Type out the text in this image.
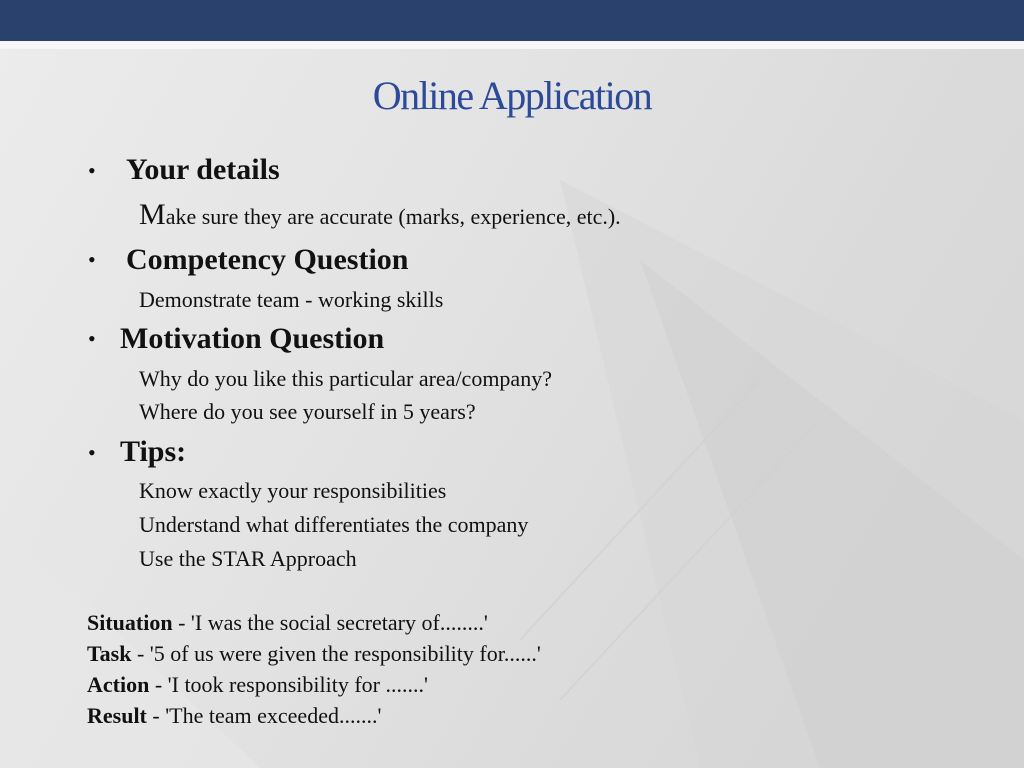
Online Application
• Your details
Make sure they are accurate (marks, experience, etc.).
• Competency Question
Demonstrate team - working skills
• Motivation Question
Why do you like this particular area/company?
Where do you see yourself in 5 years?
• Tips:
Know exactly your responsibilities
Understand what differentiates the company
Use the STAR Approach
Situation - 'I was the social secretary of........'
Task - '5 of us were given the responsibility for......'
Action - 'I took responsibility for .......'
Result - 'The team exceeded.......'
